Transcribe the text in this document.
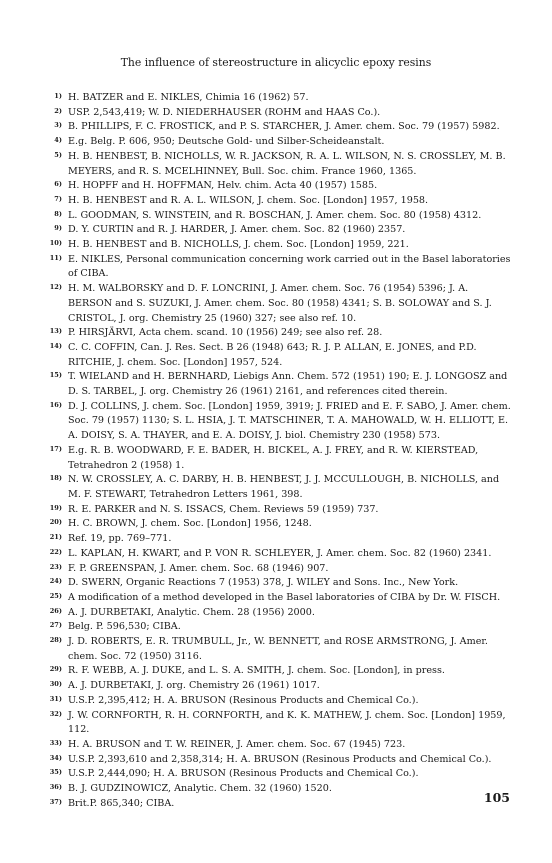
The influence of stereostructure in alicyclic epoxy resins
1) H. BATZER and E. NIKLES, Chimia 16 (1962) 57.
2) USP. 2,543,419; W. D. NIEDERHAUSER (ROHM and HAAS Co.).
3) B. PHILLIPS, F. C. FROSTICK, and P. S. STARCHER, J. Amer. chem. Soc. 79 (1957) 5982.
4) E.g. Belg. P. 606, 950; Deutsche Gold- und Silber-Scheideanstalt.
5) H. B. HENBEST, B. NICHOLLS, W. R. JACKSON, R. A. L. WILSON, N. S. CROSSLEY, M. B. MEYERS, and R. S. MCELHINNEY, Bull. Soc. chim. France 1960, 1365.
6) H. HOPFF and H. HOFFMAN, Helv. chim. Acta 40 (1957) 1585.
7) H. B. HENBEST and R. A. L. WILSON, J. chem. Soc. [London] 1957, 1958.
8) L. GOODMAN, S. WINSTEIN, and R. BOSCHAN, J. Amer. chem. Soc. 80 (1958) 4312.
9) D. Y. CURTIN and R. J. HARDER, J. Amer. chem. Soc. 82 (1960) 2357.
10) H. B. HENBEST and B. NICHOLLS, J. chem. Soc. [London] 1959, 221.
11) E. NIKLES, Personal communication concerning work carried out in the Basel laboratories of CIBA.
12) H. M. WALBORSKY and D. F. LONCRINI, J. Amer. chem. Soc. 76 (1954) 5396; J. A. BERSON and S. SUZUKI, J. Amer. chem. Soc. 80 (1958) 4341; S. B. SOLOWAY and S. J. CRISTOL, J. org. Chemistry 25 (1960) 327; see also ref. 10.
13) P. HIRSJÄRVI, Acta chem. scand. 10 (1956) 249; see also ref. 28.
14) C. C. COFFIN, Can. J. Res. Sect. B 26 (1948) 643; R. J. P. ALLAN, E. JONES, and P.D. RITCHIE, J. chem. Soc. [London] 1957, 524.
15) T. WIELAND and H. BERNHARD, Liebigs Ann. Chem. 572 (1951) 190; E. J. LONGOSZ and D. S. TARBEL, J. org. Chemistry 26 (1961) 2161, and references cited therein.
16) D. J. COLLINS, J. chem. Soc. [London] 1959, 3919; J. FRIED and E. F. SABO, J. Amer. chem. Soc. 79 (1957) 1130; S. L. HSIA, J. T. MATSCHINER, T. A. MAHOWALD, W. H. ELLIOTT, E. A. DOISY, S. A. THAYER, and E. A. DOISY, J. biol. Chemistry 230 (1958) 573.
17) E.g. R. B. WOODWARD, F. E. BADER, H. BICKEL, A. J. FREY, and R. W. KIERSTEAD, Tetrahedron 2 (1958) 1.
18) N. W. CROSSLEY, A. C. DARBY, H. B. HENBEST, J. J. MCCULLOUGH, B. NICHOLLS, and M. F. STEWART, Tetrahedron Letters 1961, 398.
19) R. E. PARKER and N. S. ISSACS, Chem. Reviews 59 (1959) 737.
20) H. C. BROWN, J. chem. Soc. [London] 1956, 1248.
21) Ref. 19, pp. 769–771.
22) L. KAPLAN, H. KWART, and P. VON R. SCHLEYER, J. Amer. chem. Soc. 82 (1960) 2341.
23) F. P. GREENSPAN, J. Amer. chem. Soc. 68 (1946) 907.
24) D. SWERN, Organic Reactions 7 (1953) 378, J. WILEY and Sons. Inc., New York.
25) A modification of a method developed in the Basel laboratories of CIBA by Dr. W. FISCH.
26) A. J. DURBETAKI, Analytic. Chem. 28 (1956) 2000.
27) Belg. P. 596,530; CIBA.
28) J. D. ROBERTS, E. R. TRUMBULL, Jr., W. BENNETT, and ROSE ARMSTRONG, J. Amer. chem. Soc. 72 (1950) 3116.
29) R. F. WEBB, A. J. DUKE, and L. S. A. SMITH, J. chem. Soc. [London], in press.
30) A. J. DURBETAKI, J. org. Chemistry 26 (1961) 1017.
31) U.S.P. 2,395,412; H. A. BRUSON (Resinous Products and Chemical Co.).
32) J. W. CORNFORTH, R. H. CORNFORTH, and K. K. MATHEW, J. chem. Soc. [London] 1959, 112.
33) H. A. BRUSON and T. W. REINER, J. Amer. chem. Soc. 67 (1945) 723.
34) U.S.P. 2,393,610 and 2,358,314; H. A. BRUSON (Resinous Products and Chemical Co.).
35) U.S.P. 2,444,090; H. A. BRUSON (Resinous Products and Chemical Co.).
36) B. J. GUDZINOWICZ, Analytic. Chem. 32 (1960) 1520.
37) Brit.P. 865,340; CIBA.	105
